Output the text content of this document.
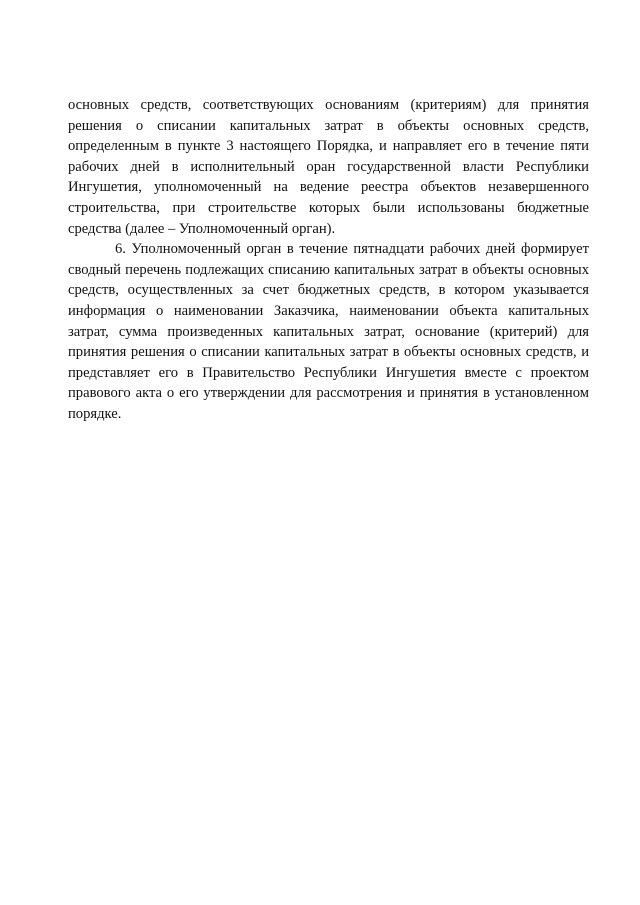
основных средств, соответствующих основаниям (критериям) для принятия
решения о списании капитальных затрат в объекты основных средств,
определенным в пункте 3 настоящего Порядка, и направляет его в течение пяти
рабочих дней в исполнительный оран государственной власти Республики
Ингушетия, уполномоченный на ведение реестра объектов незавершенного
строительства, при строительстве которых были использованы бюджетные
средства (далее – Уполномоченный орган).
6. Уполномоченный орган в течение пятнадцати рабочих дней формирует
сводный перечень подлежащих списанию капитальных затрат в объекты основных
средств, осуществленных за счет бюджетных средств, в котором указывается
информация о наименовании Заказчика, наименовании объекта капитальных
затрат, сумма произведенных капитальных затрат, основание (критерий) для
принятия решения о списании капитальных затрат в объекты основных средств, и
представляет его в Правительство Республики Ингушетия вместе с проектом
правового акта о его утверждении для рассмотрения и принятия в установленном
порядке.
